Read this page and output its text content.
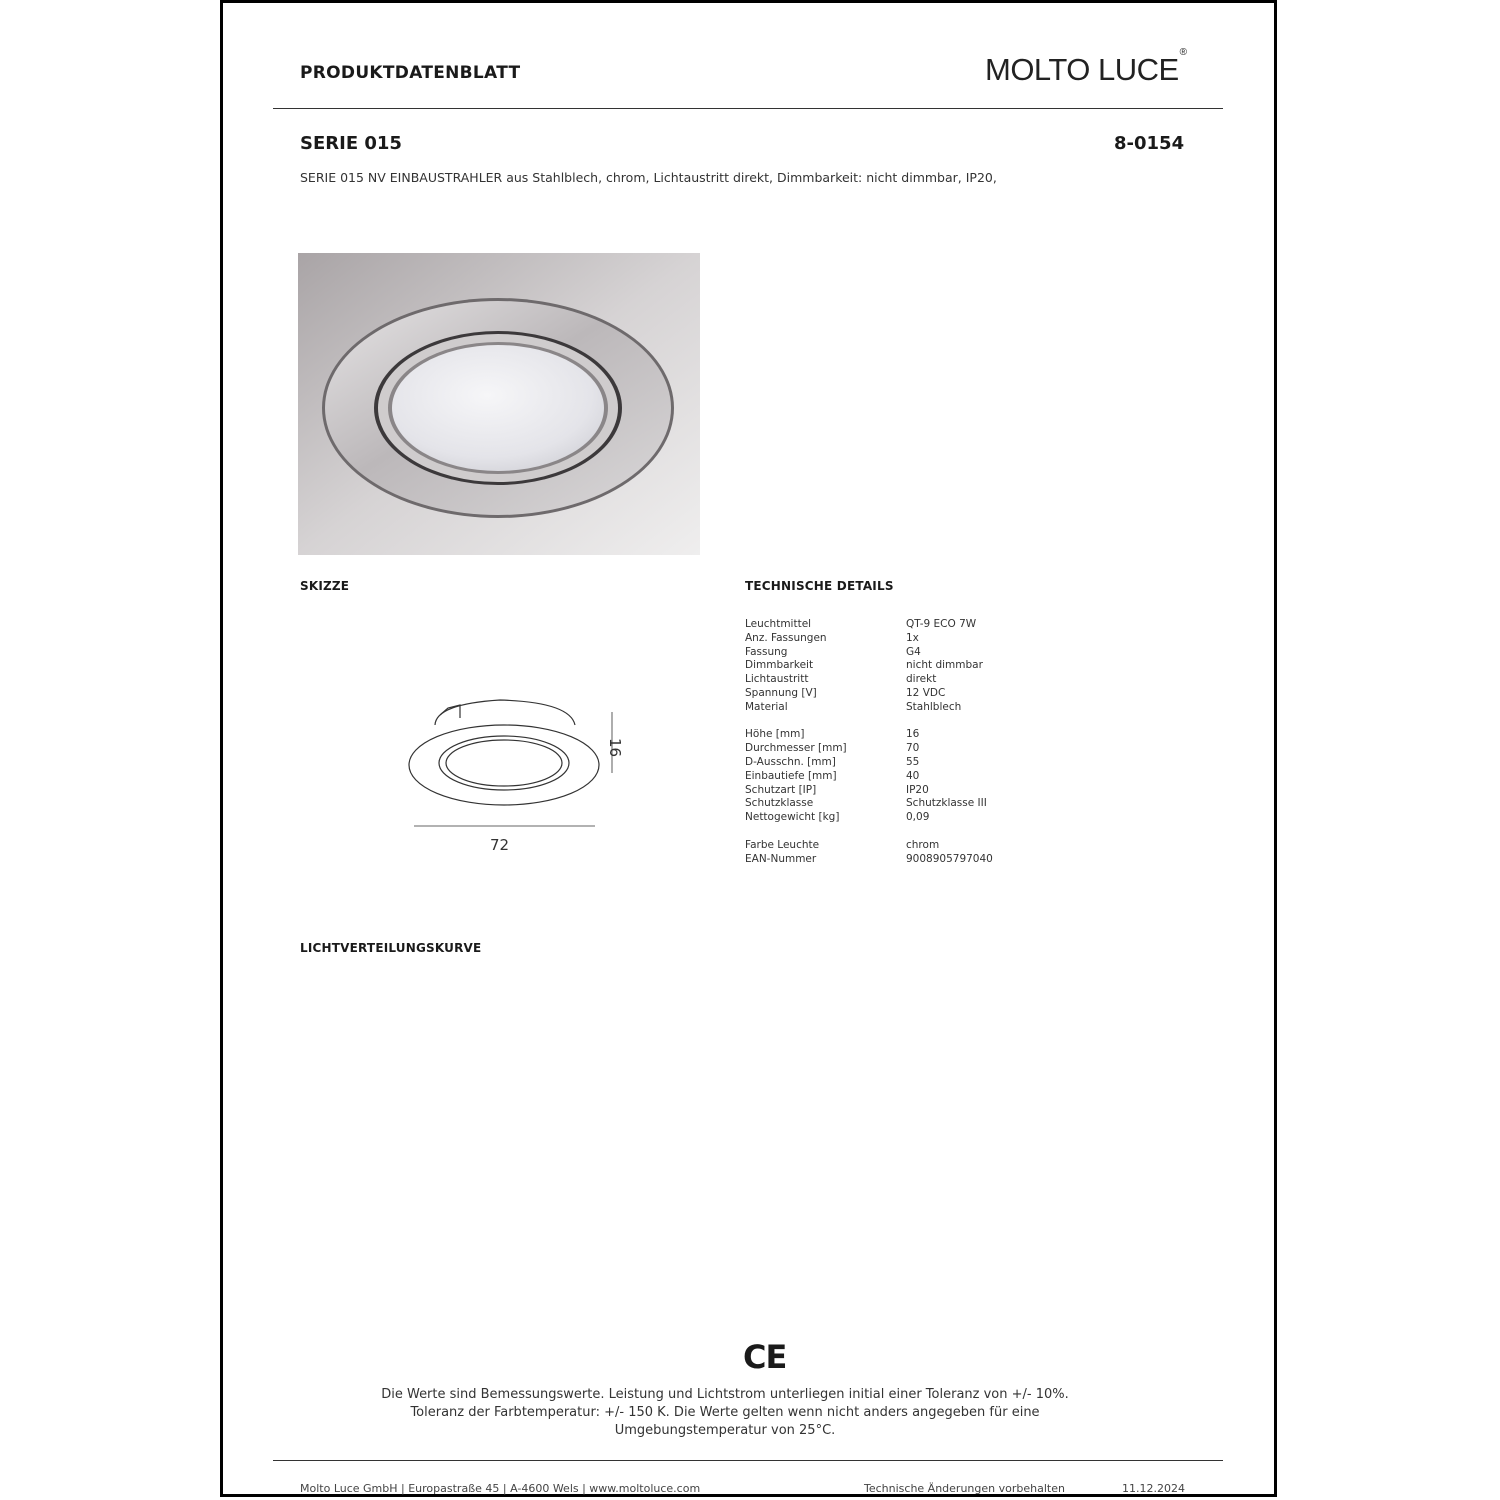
PRODUKTDATENBLATT	MOLTO LUCE®
SERIE 015	8-0154
SERIE 015 NV EINBAUSTRAHLER aus Stahlblech, chrom, Lichtaustritt direkt, Dimmbarkeit: nicht dimmbar, IP20,
SKIZZE	TECHNISCHE DETAILS
72
16
Leuchtmittel	QT-9 ECO 7W
Anz. Fassungen	1x
Fassung	G4
Dimmbarkeit	nicht dimmbar
Lichtaustritt	direkt
Spannung [V]	12 VDC
Material	Stahlblech
Höhe [mm]	16
Durchmesser [mm]	70
D-Ausschn. [mm]	55
Einbautiefe [mm]	40
Schutzart [IP]	IP20
Schutzklasse	Schutzklasse III
Nettogewicht [kg]	0,09
Farbe Leuchte	chrom
EAN-Nummer	9008905797040
LICHTVERTEILUNGSKURVE
CE
Die Werte sind Bemessungswerte. Leistung und Lichtstrom unterliegen initial einer Toleranz von +/- 10%.
Toleranz der Farbtemperatur: +/- 150 K. Die Werte gelten wenn nicht anders angegeben für eine
Umgebungstemperatur von 25°C.
Molto Luce GmbH | Europastraße 45 | A-4600 Wels | www.moltoluce.com	Technische Änderungen vorbehalten	11.12.2024
